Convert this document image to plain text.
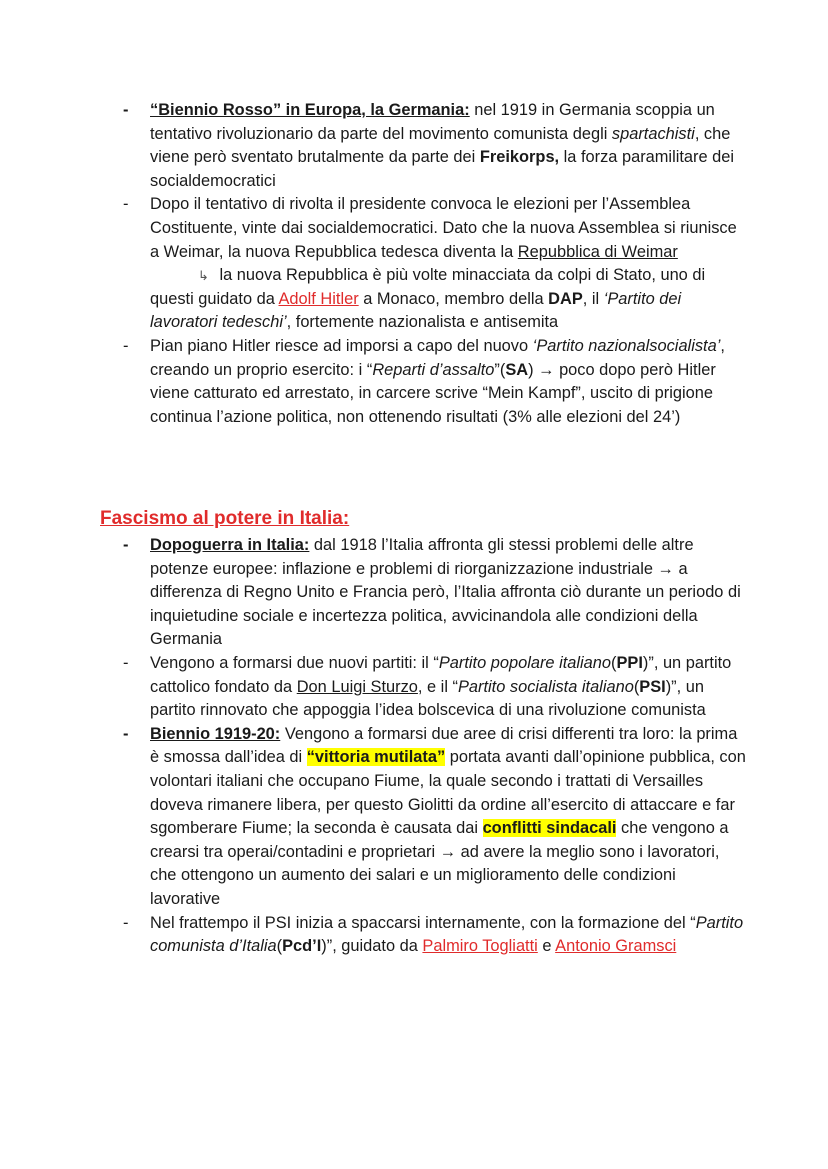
-	“Biennio Rosso” in Europa, la Germania: nel 1919 in Germania scoppia un tentativo rivoluzionario da parte del movimento comunista degli spartachisti, che viene però sventato brutalmente da parte dei Freikorps, la forza paramilitare dei socialdemocratici
-	Dopo il tentativo di rivolta il presidente convoca le elezioni per l’Assemblea Costituente, vinte dai socialdemocratici. Dato che la nuova Assemblea si riunisce a Weimar, la nuova Repubblica tedesca diventa la Repubblica di Weimar
↳ la nuova Repubblica è più volte minacciata da colpi di Stato, uno di questi guidato da Adolf Hitler a Monaco, membro della DAP, il ‘Partito dei lavoratori tedeschi’, fortemente nazionalista e antisemita
-	Pian piano Hitler riesce ad imporsi a capo del nuovo ‘Partito nazionalsocialista’, creando un proprio esercito: i “Reparti d’assalto”(SA) → poco dopo però Hitler viene catturato ed arrestato, in carcere scrive “Mein Kampf”, uscito di prigione continua l’azione politica, non ottenendo risultati (3% alle elezioni del 24’)
Fascismo al potere in Italia:
-	Dopoguerra in Italia: dal 1918 l’Italia affronta gli stessi problemi delle altre potenze europee: inflazione e problemi di riorganizzazione industriale → a differenza di Regno Unito e Francia però, l’Italia affronta ciò durante un periodo di inquietudine sociale e incertezza politica, avvicinandola alle condizioni della Germania
-	Vengono a formarsi due nuovi partiti: il “Partito popolare italiano(PPI)”, un partito cattolico fondato da Don Luigi Sturzo, e il “Partito socialista italiano(PSI)”, un partito rinnovato che appoggia l’idea bolscevica di una rivoluzione comunista
-	Biennio 1919-20: Vengono a formarsi due aree di crisi differenti tra loro: la prima è smossa dall’idea di “vittoria mutilata” portata avanti dall’opinione pubblica, con volontari italiani che occupano Fiume, la quale secondo i trattati di Versailles doveva rimanere libera, per questo Giolitti da ordine all’esercito di attaccare e far sgomberare Fiume; la seconda è causata dai conflitti sindacali che vengono a crearsi tra operai/contadini e proprietari → ad avere la meglio sono i lavoratori, che ottengono un aumento dei salari e un miglioramento delle condizioni lavorative
-	Nel frattempo il PSI inizia a spaccarsi internamente, con la formazione del “Partito comunista d’Italia(Pcd’I)”, guidato da Palmiro Togliatti e Antonio Gramsci
